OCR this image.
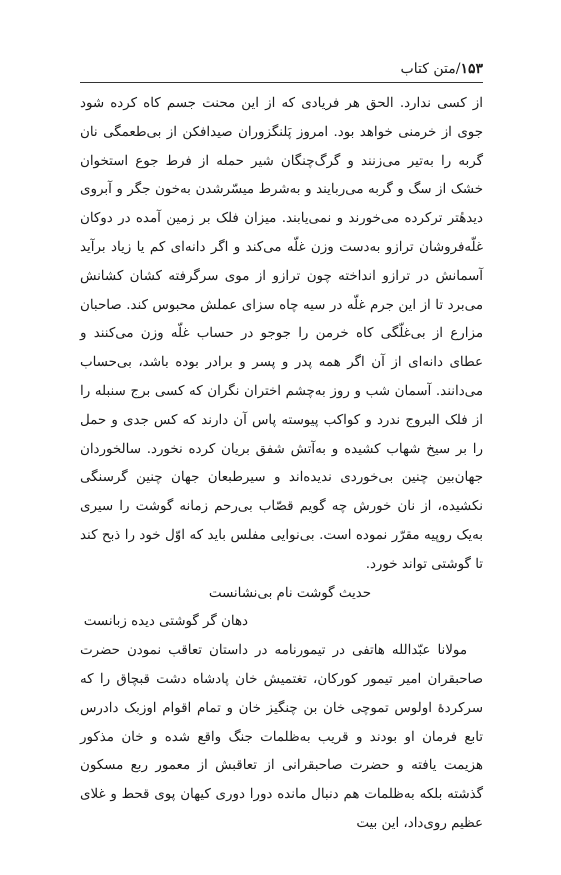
۱۵۳/متن کتاب

از کسی ندارد. الحق هر فریادی که از این محنت جسم کاه کرده شود جوی از خرمنی خواهد بود. امروز پَلنگزوران صیدافکن از بی‌طعمگی نان گربه را به‌تیر می‌زنند و گرگ‌چنگان شیر حمله از فرط جوع استخوان خشک از سگ و گربه می‌ربایند و به‌شرط میسّرشدن به‌خون جگر و آبروی دیدهٔتر ترکرده می‌خورند و نمی‌یابند. میزان فلک بر زمین آمده در دوکان غلّه‌فروشان ترازو به‌دست وزن غلّه می‌کند و اگر دانه‌ای کم یا زیاد برآید آسمانش در ترازو انداخته چون ترازو از موی سرگرفته کشان کشانش می‌برد تا از این جرم غلّه در سیه چاه سزای عملش محبوس کند. صاحبان مزارع از بی‌غلّگی کاه خرمن را جوجو در حساب غلّه وزن می‌کنند و عطای دانه‌ای از آن اگر همه پدر و پسر و برادر بوده باشد، بی‌حساب می‌دانند. آسمان شب و روز به‌چشم اختران نگران که کسی برج سنبله را از فلک البروج ندرد و کواکب پیوسته پاس آن دارند که کس جدی و حمل را بر سیخ شهاب کشیده و به‌آتش شفق بریان کرده نخورد. سالخوردان جهان‌بین چنین بی‌خوردی ندیده‌اند و سیرطبعان جهان چنین گرسنگی نکشیده، از نان خورش چه گویم قصّاب بی‌رحم زمانه گوشت را سیری به‌یک روپیه مقرّر نموده است. بی‌نوایی مفلس باید که اوّل خود را ذبح کند تا گوشتی تواند خورد.

حدیث گوشت نام بی‌نشانست

دهان گر گوشتی دیده زبانست

مولانا عبّدالله هاتفی در تیمورنامه در داستان تعاقب نمودن حضرت صاحبقران امیر تیمور کورکان، تغتمیش خان پادشاه دشت قبچاق را که سرکردهٔ اولوس تموچی خان بن چنگیز خان و تمام اقوام اوزبک دادرس تابع فرمان او بودند و قریب به‌ظلمات جنگ واقع شده و خان مذکور هزیمت یافته و حضرت صاحبقرانی از تعاقبش از معمور ربع مسکون گذشته بلکه به‌ظلمات هم دنبال مانده دورا دوری کیهان پوی قحط و غلای عظیم روی‌داد، این بیت
